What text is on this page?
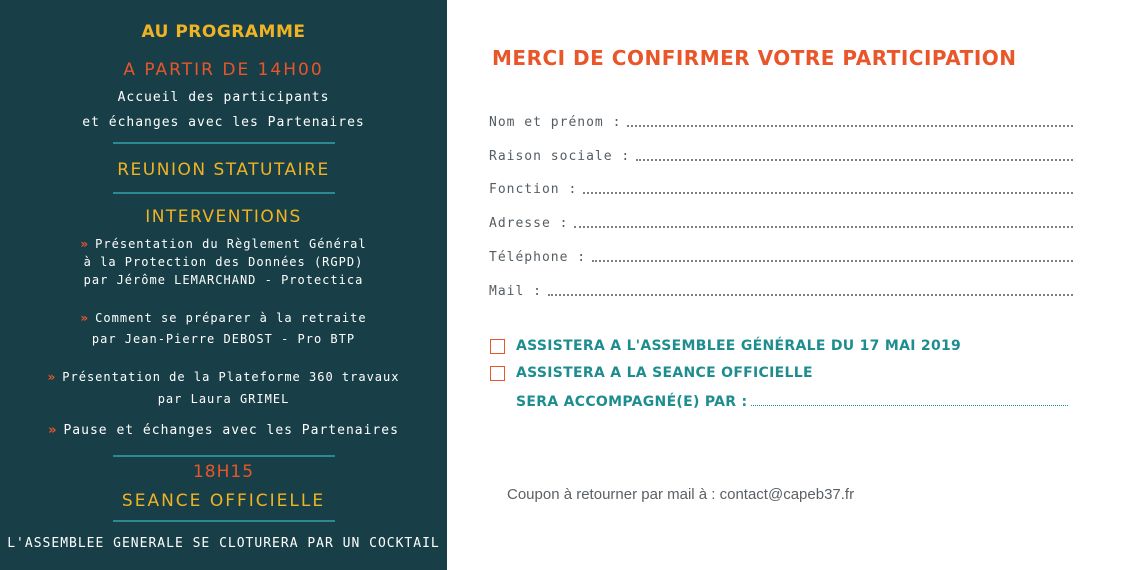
AU PROGRAMME
A PARTIR DE 14H00
Accueil des participants
et échanges avec les Partenaires
REUNION STATUTAIRE
INTERVENTIONS
» Présentation du Règlement Général
à la Protection des Données (RGPD)
par Jérôme LEMARCHAND - Protectica
» Comment se préparer à la retraite
par Jean-Pierre DEBOST - Pro BTP
» Présentation de la Plateforme 360 travaux
par Laura GRIMEL
» Pause et échanges avec les Partenaires
18H15
SEANCE OFFICIELLE
L'ASSEMBLEE GENERALE SE CLOTURERA PAR UN COCKTAIL
MERCI DE CONFIRMER VOTRE PARTICIPATION
Nom et prénom :
Raison sociale :
Fonction :
Adresse :
Téléphone :
Mail :
ASSISTERA A L'ASSEMBLEE GÉNÉRALE DU 17 MAI 2019
ASSISTERA A LA SEANCE OFFICIELLE
SERA ACCOMPAGNÉ(E) PAR :
Coupon à retourner par mail à : contact@capeb37.fr
